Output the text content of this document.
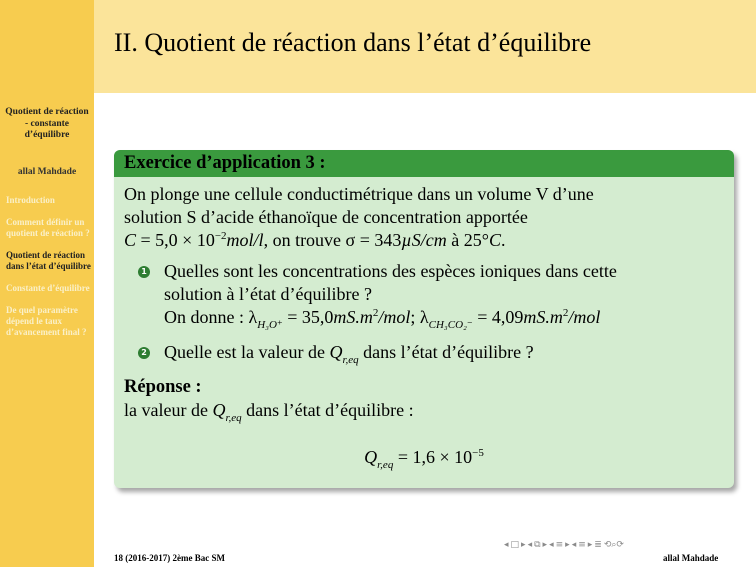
Quotient de réaction - constante d’équilibre
allal Mahdade
Introduction
Comment définir un quotient de réaction ?
Quotient de réaction dans l’état d’équilibre
Constante d’équilibre
De quel paramètre dépend le taux d’avancement final ?
II. Quotient de réaction dans l’état d’équilibre
Exercice d’application 3 :
On plonge une cellule conductimétrique dans un volume V d’une
solution S d’acide éthanoïque de concentration apportée
$C = 5,0 \times 10^{-2}mol/l$, on trouve σ = 343µS/cm à 25°C.
1 Quelles sont les concentrations des espèces ioniques dans cette
solution à l’état d’équilibre ?
On donne : $\lambda_{H_3O^+} = 35,0mS.m^2/mol$; $\lambda_{CH_3CO_2^-} = 4,09mS.m^2/mol$
2 Quelle est la valeur de $Q_{r,eq}$ dans l’état d’équilibre ?
Réponse :
la valeur de $Q_{r,eq}$ dans l’état d’équilibre :
$Q_{r,eq} = 1,6 \times 10^{-5}$
◂ □ ▸ ◂ ⧉ ▸ ◂ ≡ ▸ ◂ ≡ ▸ ≣ ⟲⌕⟳
18 (2016-2017) 2ème Bac SM	allal Mahdade
